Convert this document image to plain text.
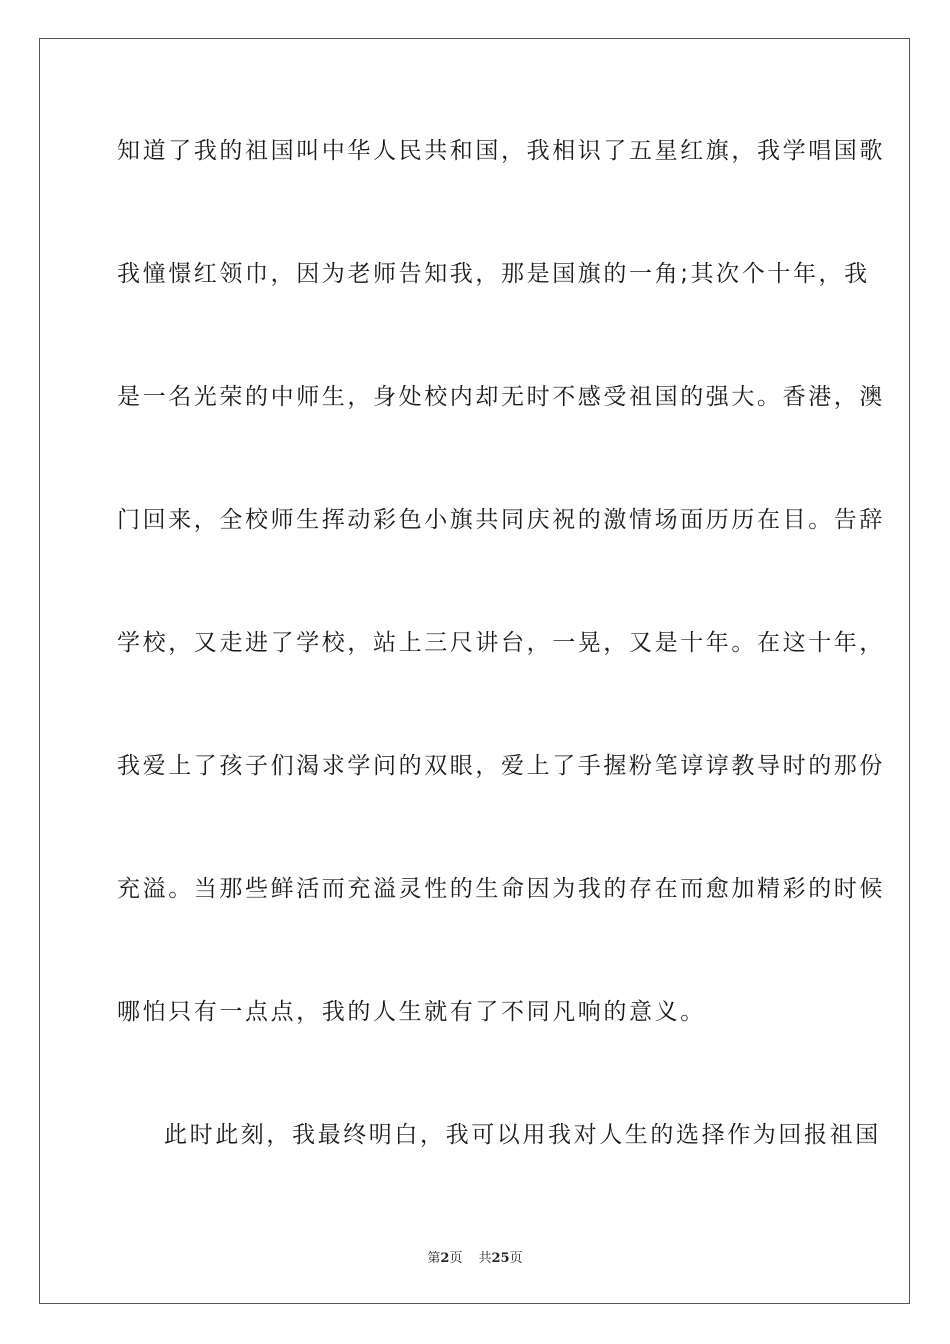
知道了我的祖国叫中华人民共和国，我相识了五星红旗，我学唱国歌
我憧憬红领巾，因为老师告知我，那是国旗的一角;其次个十年，我
是一名光荣的中师生，身处校内却无时不感受祖国的强大。香港，澳
门回来，全校师生挥动彩色小旗共同庆祝的激情场面历历在目。告辞
学校，又走进了学校，站上三尺讲台，一晃，又是十年。在这十年，
我爱上了孩子们渴求学问的双眼，爱上了手握粉笔谆谆教导时的那份
充溢。当那些鲜活而充溢灵性的生命因为我的存在而愈加精彩的时候
哪怕只有一点点，我的人生就有了不同凡响的意义。
此时此刻，我最终明白，我可以用我对人生的选择作为回报祖国
第2页 共25页
